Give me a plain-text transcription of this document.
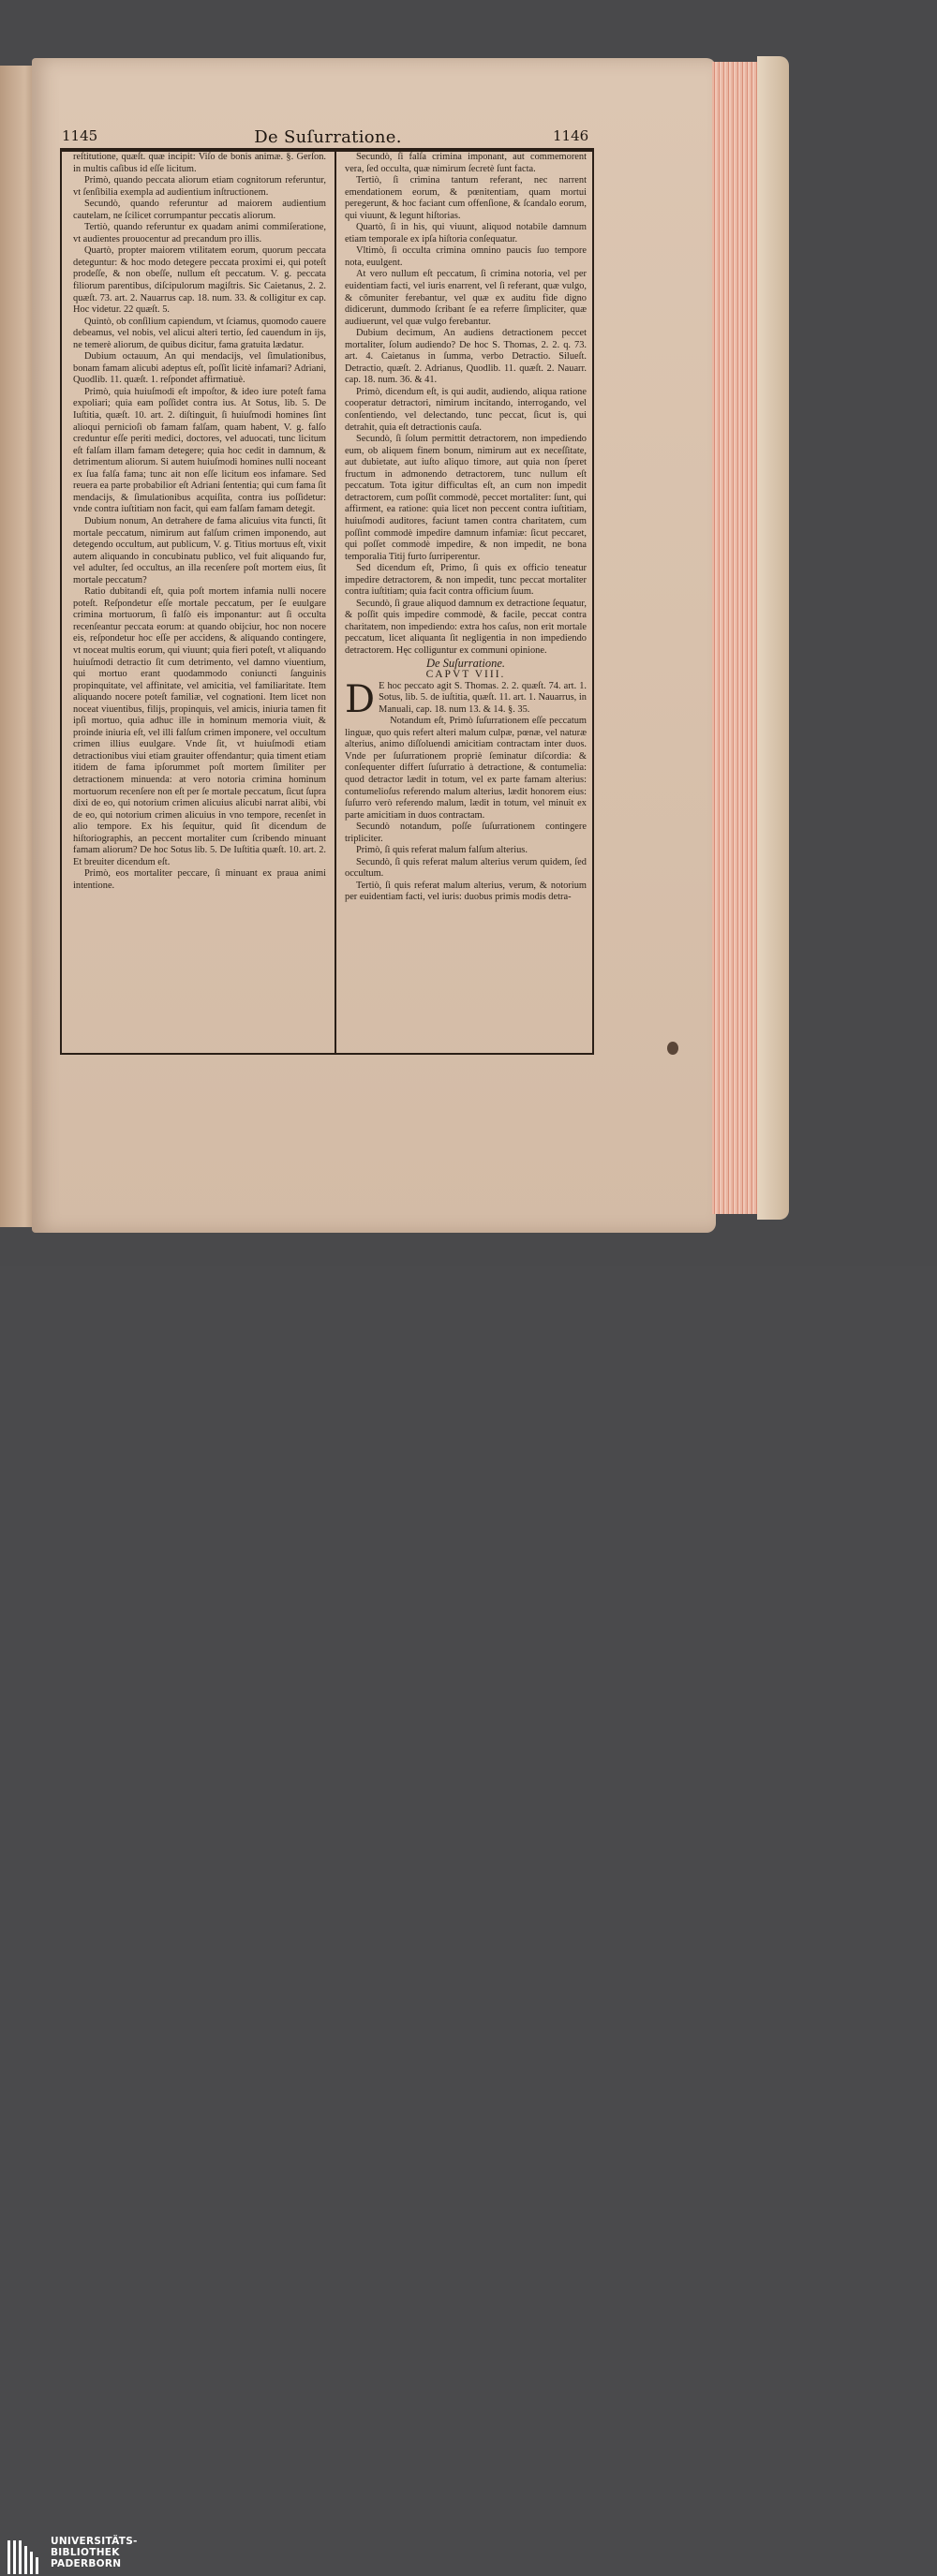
1145	De Suſurratione.	1146

reſtitutione, quæſt. quæ incipit: Viſo de bonis animæ. §. Gerſon. in multis caſibus id eſſe licitum.

Primò, quando peccata aliorum etiam cognitorum referuntur, vt ſenſibilia exempla ad audientium inſtructionem.

Secundò, quando referuntur ad maiorem audientium cautelam, ne ſcilicet corrumpantur peccatis aliorum.

Tertiò, quando referuntur ex quadam animi commiſeratione, vt audientes prouocentur ad precandum pro illis.

Quartò, propter maiorem vtilitatem eorum, quorum peccata deteguntur: & hoc modo detegere peccata proximi ei, qui poteſt prodeſſe, & non obeſſe, nullum eſt peccatum. V. g. peccata filiorum parentibus, diſcipulorum magiſtris. Sic Caietanus, 2. 2. quæſt. 73. art. 2. Nauarrus cap. 18. num. 33. & colligitur ex cap. Hoc videtur. 22 quæſt. 5.

Quintò, ob conſilium capiendum, vt ſciamus, quomodo cauere debeamus, vel nobis, vel alicui alteri tertio, ſed cauendum in ijs, ne temerè aliorum, de quibus dicitur, fama gratuita lædatur.

Dubium octauum, An qui mendacijs, vel ſimulationibus, bonam famam alicubi adeptus eſt, poſſit licitè infamari? Adriani, Quodlib. 11. quæſt. 1. reſpondet affirmatiuè.

Primò, quia huiuſmodi eſt impoſtor, & ideo iure poteſt fama expoliari; quia eam poſſidet contra ius. At Sotus, lib. 5. De Iuſtitia, quæſt. 10. art. 2. diſtinguit, ſi huiuſmodi homines ſint alioqui pernicioſi ob famam falſam, quam habent, V. g. falſo creduntur eſſe periti medici, doctores, vel aduocati, tunc licitum eſt falſam illam famam detegere; quia hoc cedit in damnum, & detrimentum aliorum. Si autem huiuſmodi homines nulli noceant ex ſua falſa fama; tunc ait non eſſe licitum eos infamare. Sed reuera ea parte probabilior eſt Adriani ſententia; qui cum fama ſit mendacijs, & ſimulationibus acquiſita, contra ius poſſidetur: vnde contra iuſtitiam non facit, qui eam falſam famam detegit.

Dubium nonum, An detrahere de fama alicuius vita functi, ſit mortale peccatum, nimirum aut falſum crimen imponendo, aut detegendo occultum, aut publicum, V. g. Titius mortuus eſt, vixit autem aliquando in concubinatu publico, vel fuit aliquando fur, vel adulter, ſed occultus, an illa recenſere poſt mortem eius, ſit mortale peccatum?

Ratio dubitandi eſt, quia poſt mortem infamia nulli nocere poteſt. Reſpondetur eſſe mortale peccatum, per ſe euulgare crimina mortuorum, ſi falſò eis imponantur: aut ſi occulta recenſeantur peccata eorum: at quando obijciur, hoc non nocere eis, reſpondetur hoc eſſe per accidens, & aliquando contingere, vt noceat multis eorum, qui viuunt; quia fieri poteſt, vt aliquando huiuſmodi detractio ſit cum detrimento, vel damno viuentium, qui mortuo erant quodammodo coniuncti ſanguinis propinquitate, vel affinitate, vel amicitia, vel familiaritate. Item aliquando nocere poteſt familiæ, vel cognationi. Item licet non noceat viuentibus, filijs, propinquis, vel amicis, iniuria tamen fit ipſi mortuo, quia adhuc ille in hominum memoria viuit, & proinde iniuria eſt, vel illi falſum crimen imponere, vel occultum crimen illius euulgare. Vnde ſit, vt huiuſmodi etiam detractionibus viui etiam grauiter offendantur; quia timent etiam itidem de fama ipſorummet poſt mortem ſimiliter per detractionem minuenda: at vero notoria crimina hominum mortuorum recenſere non eſt per ſe mortale peccatum, ſicut ſupra dixi de eo, qui notorium crimen alicuius alicubi narrat alibi, vbi de eo, qui notorium crimen alicuius in vno tempore, recenſet in alio tempore. Ex his ſequitur, quid ſit dicendum de hiſtoriographis, an peccent mortaliter cum ſcribendo minuant famam aliorum? De hoc Sotus lib. 5. De Iuſtitia quæſt. 10. art. 2. Et breuiter dicendum eſt.

Primò, eos mortaliter peccare, ſi minuant ex praua animi intentione.

Secundò, ſi falſa crimina imponant, aut commemorent vera, ſed occulta, quæ nimirum ſecretè ſunt facta.

Tertiò, ſi crimina tantum referant, nec narrent emendationem eorum, & pœnitentiam, quam mortui peregerunt, & hoc faciant cum offenſione, & ſcandalo eorum, qui viuunt, & legunt hiſtorias.

Quartò, ſi in his, qui viuunt, aliquod notabile damnum etiam temporale ex ipſa hiſtoria conſequatur.

Vltimò, ſi occulta crimina omnino paucis ſuo tempore nota, euulgent.

At vero nullum eſt peccatum, ſi crimina notoria, vel per euidentiam facti, vel iuris enarrent, vel ſi referant, quæ vulgo, & cōmuniter ferebantur, vel quæ ex auditu fide digno didicerunt, dummodo ſcribant ſe ea referre ſimpliciter, quæ audiuerunt, vel quæ vulgo ferebantur.

Dubium decimum, An audiens detractionem peccet mortaliter, ſolum audiendo? De hoc S. Thomas, 2. 2. q. 73. art. 4. Caietanus in ſumma, verbo Detractio. Silueſt. Detractio, quæſt. 2. Adrianus, Quodlib. 11. quæſt. 2. Nauarr. cap. 18. num. 36. & 41.

Primò, dicendum eſt, is qui audit, audiendo, aliqua ratione cooperatur detractori, nimirum incitando, interrogando, vel conſentiendo, vel delectando, tunc peccat, ſicut is, qui detrahit, quia eſt detractionis cauſa.

Secundò, ſi ſolum permittit detractorem, non impediendo eum, ob aliquem finem bonum, nimirum aut ex neceſſitate, aut dubietate, aut iuſto aliquo timore, aut quia non ſperet fructum in admonendo detractorem, tunc nullum eſt peccatum. Tota igitur difficultas eſt, an cum non impedit detractorem, cum poſſit commodè, peccet mortaliter: ſunt, qui affirment, ea ratione: quia licet non peccent contra iuſtitiam, huiuſmodi auditores, faciunt tamen contra charitatem, cum poſſint commodè impedire damnum infamiæ: ſicut peccaret, qui poſſet commodè impedire, & non impedit, ne bona temporalia Titij furto ſurriperentur.

Sed dicendum eſt, Primo, ſi quis ex officio teneatur impedire detractorem, & non impedit, tunc peccat mortaliter contra iuſtitiam; quia facit contra officium ſuum.

Secundò, ſi graue aliquod damnum ex detractione ſequatur, & poſſit quis impedire commodè, & facile, peccat contra charitatem, non impediendo: extra hos caſus, non erit mortale peccatum, licet aliquanta ſit negligentia in non impediendo detractorem. Hęc colliguntur ex communi opinione.

De Suſurratione.

CAPVT VIII.

D E hoc peccato agit S. Thomas. 2. 2. quæſt. 74. art. 1. Sotus, lib. 5. de iuſtitia, quæſt. 11. art. 1. Nauarrus, in Manuali, cap. 18. num 13. & 14. §. 35.

Notandum eſt, Primò ſuſurrationem eſſe peccatum linguæ, quo quis refert alteri malum culpæ, pœnæ, vel naturæ alterius, animo diſſoluendi amicitiam contractam inter duos. Vnde per ſuſurrationem propriè ſeminatur diſcordia: & conſequenter differt ſuſurratio à detractione, & contumelia: quod detractor lædit in totum, vel ex parte famam alterius: contumelioſus referendo malum alterius, lædit honorem eius: ſuſurro verò referendo malum, lædit in totum, vel minuit ex parte amicitiam in duos contractam.

Secundò notandum, poſſe ſuſurrationem contingere tripliciter.

Primò, ſi quis referat malum falſum alterius.

Secundò, ſi quis referat malum alterius verum quidem, ſed occultum.

Tertiò, ſi quis referat malum alterius, verum, & notorium per euidentiam facti, vel iuris: duobus primis modis detra-

UNIVERSITÄTS-
BIBLIOTHEK
PADERBORN
